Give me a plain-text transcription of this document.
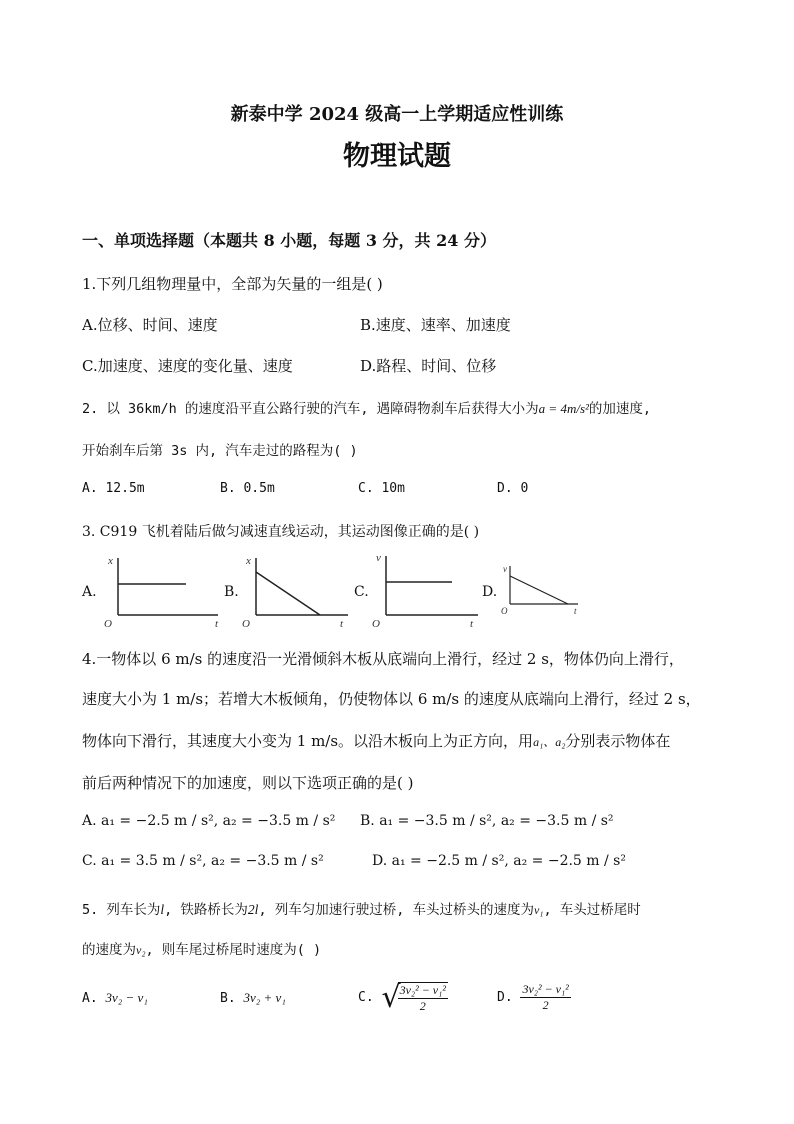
新泰中学 2024 级高一上学期适应性训练
物理试题
一、单项选择题（本题共 8 小题，每题 3 分，共 24 分）
1.下列几组物理量中，全部为矢量的一组是( )
A.位移、时间、速度	B.速度、速率、加速度
C.加速度、速度的变化量、速度	D.路程、时间、位移
2. 以 36km/h 的速度沿平直公路行驶的汽车, 遇障碍物刹车后获得大小为a = 4m/s²的加速度,
开始刹车后第 3s 内, 汽车走过的路程为( )
A. 12.5m	B. 0.5m	C. 10m	D. 0
3. C919 飞机着陆后做匀减速直线运动，其运动图像正确的是( )
A.	B.	C.	D.
x
t
O
x
t
O
v
t
O
v
t
O
4.一物体以 6 m/s 的速度沿一光滑倾斜木板从底端向上滑行，经过 2 s，物体仍向上滑行，
速度大小为 1 m/s；若增大木板倾角，仍使物体以 6 m/s 的速度从底端向上滑行，经过 2 s，
物体向下滑行，其速度大小变为 1 m/s。以沿木板向上为正方向，用a₁、a₂分别表示物体在
前后两种情况下的加速度，则以下选项正确的是( )
A. a₁ = −2.5 m / s², a₂ = −3.5 m / s² B. a₁ = −3.5 m / s², a₂ = −3.5 m / s²
C. a₁ = 3.5 m / s², a₂ = −3.5 m / s²	D. a₁ = −2.5 m / s², a₂ = −2.5 m / s²
5. 列车长为l, 铁路桥长为2l, 列车匀加速行驶过桥, 车头过桥头的速度为v₁, 车头过桥尾时
的速度为v₂, 则车尾过桥尾时速度为( )
A. 3v₂ − v₁	B. 3v₂ + v₁	C. √
$\frac{\text{3v₂² − v₁²}}{2}$	D. $\frac{\text{3v₂² − v₁²}}{2}$
